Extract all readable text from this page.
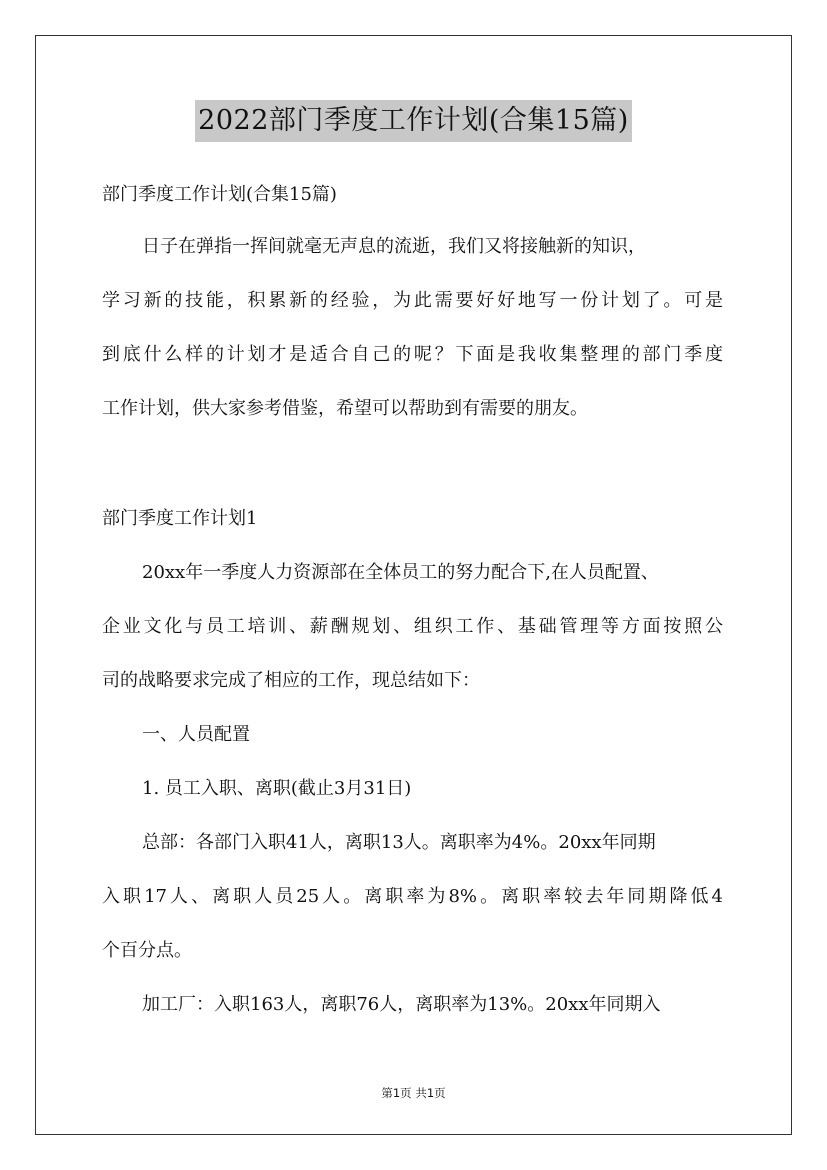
2022部门季度工作计划(合集15篇)
部门季度工作计划(合集15篇)
日子在弹指一挥间就毫无声息的流逝，我们又将接触新的知识，
学习新的技能，积累新的经验，为此需要好好地写一份计划了。可是
到底什么样的计划才是适合自己的呢？下面是我收集整理的部门季度
工作计划，供大家参考借鉴，希望可以帮助到有需要的朋友。
部门季度工作计划1
20xx年一季度人力资源部在全体员工的努力配合下,在人员配置、
企业文化与员工培训、薪酬规划、组织工作、基础管理等方面按照公
司的战略要求完成了相应的工作，现总结如下：
一、人员配置
1. 员工入职、离职(截止3月31日)
总部：各部门入职41人，离职13人。离职率为4%。20xx年同期
入职17人、离职人员25人。离职率为8%。离职率较去年同期降低4
个百分点。
加工厂：入职163人，离职76人，离职率为13%。20xx年同期入
第1页 共1页
